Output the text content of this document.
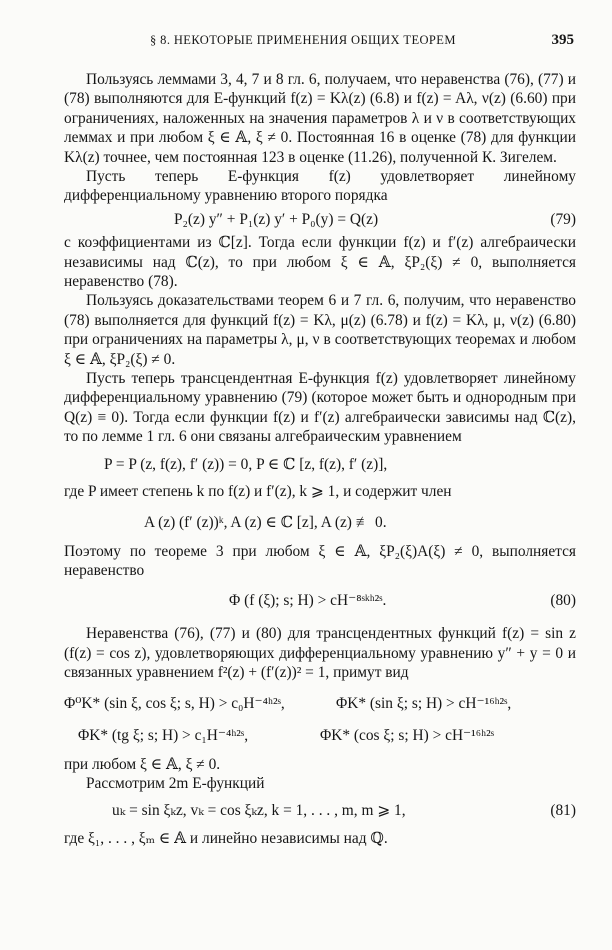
§ 8. НЕКОТОРЫЕ ПРИМЕНЕНИЯ ОБЩИХ ТЕОРЕМ	395

Пользуясь леммами 3, 4, 7 и 8 гл. 6, получаем, что неравенства (76), (77) и (78) выполняются для E-функций f(z) = Kλ(z) (6.8) и f(z) = Aλ, ν(z) (6.60) при ограничениях, наложенных на значения параметров λ и ν в соответствующих леммах и при любом ξ ∈ 𝔸, ξ ≠ 0. Постоянная 16 в оценке (78) для функции Kλ(z) точнее, чем постоянная 123 в оценке (11.26), полученной К. Зигелем.

Пусть теперь E-функция f(z) удовлетворяет линейному дифференциальному уравнению второго порядка

P₂(z) y″ + P₁(z) y′ + P₀(y) = Q(z)	(79)

с коэффициентами из ℂ[z]. Тогда если функции f(z) и f′(z) алгебраически независимы над ℂ(z), то при любом ξ ∈ 𝔸, ξP₂(ξ) ≠ 0, выполняется неравенство (78).

Пользуясь доказательствами теорем 6 и 7 гл. 6, получим, что неравенство (78) выполняется для функций f(z) = Kλ, μ(z) (6.78) и f(z) = Kλ, μ, ν(z) (6.80) при ограничениях на параметры λ, μ, ν в соответствующих теоремах и любом ξ ∈ 𝔸, ξP₂(ξ) ≠ 0.

Пусть теперь трансцендентная E-функция f(z) удовлетворяет линейному дифференциальному уравнению (79) (которое может быть и однородным при Q(z) ≡ 0). Тогда если функции f(z) и f′(z) алгебраически зависимы над ℂ(z), то по лемме 1 гл. 6 они связаны алгебраическим уравнением

P = P (z, f(z), f′ (z)) = 0, P ∈ ℂ [z, f(z), f′ (z)],

где P имеет степень k по f(z) и f′(z), k ⩾ 1, и содержит член

A (z) (f′ (z))ᵏ, A (z) ∈ ℂ [z], A (z) ≢ 0.

Поэтому по теореме 3 при любом ξ ∈ 𝔸, ξP₂(ξ)A(ξ) ≠ 0, выполняется неравенство

Φ (f (ξ); s; H) > cH⁻⁸ˢᵏʰ²ˢ.	(80)

Неравенства (76), (77) и (80) для трансцендентных функций f(z) = sin z (f(z) = cos z), удовлетворяющих дифференциальному уравнению y″ + y = 0 и связанных уравнением f²(z) + (f′(z))² = 1, примут вид

Φ⁰K* (sin ξ, cos ξ; s, H) > c₀H⁻⁴ʰ²ˢ,	ΦK* (sin ξ; s; H) > cH⁻¹⁶ʰ²ˢ,
ΦK* (tg ξ; s; H) > c₁H⁻⁴ʰ²ˢ,	ΦK* (cos ξ; s; H) > cH⁻¹⁶ʰ²ˢ

при любом ξ ∈ 𝔸, ξ ≠ 0.

Рассмотрим 2m E-функций

uₖ = sin ξₖz, vₖ = cos ξₖz, k = 1, . . . , m, m ⩾ 1,	(81)

где ξ₁, . . . , ξₘ ∈ 𝔸 и линейно независимы над ℚ.
